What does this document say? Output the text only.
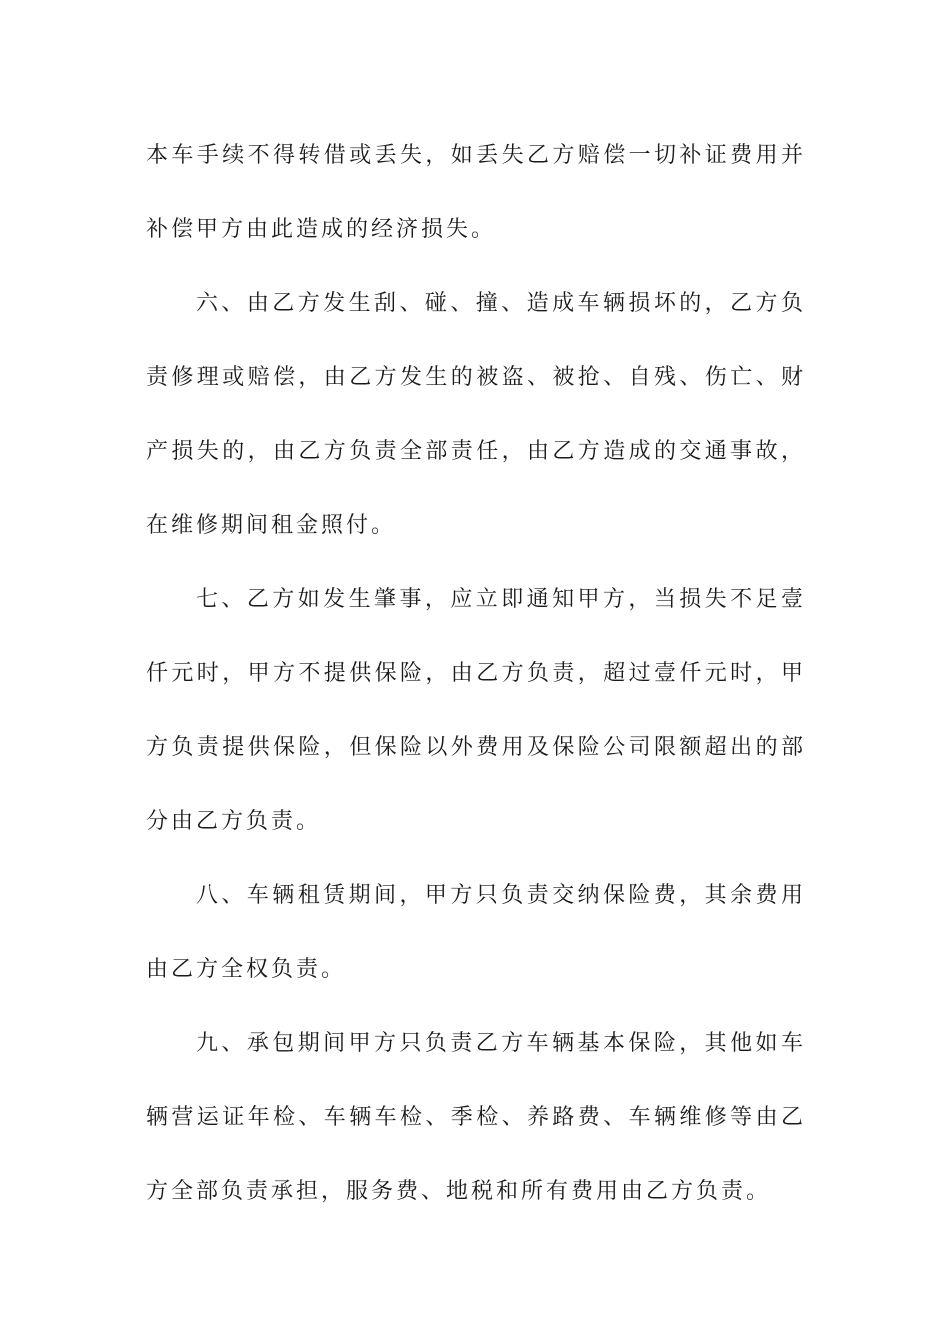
本车手续不得转借或丢失，如丢失乙方赔偿一切补证费用并补偿甲方由此造成的经济损失。

六、由乙方发生刮、碰、撞、造成车辆损坏的，乙方负责修理或赔偿，由乙方发生的被盗、被抢、自残、伤亡、财产损失的，由乙方负责全部责任，由乙方造成的交通事故，在维修期间租金照付。

七、乙方如发生肇事，应立即通知甲方，当损失不足壹仟元时，甲方不提供保险，由乙方负责，超过壹仟元时，甲方负责提供保险，但保险以外费用及保险公司限额超出的部分由乙方负责。

八、车辆租赁期间，甲方只负责交纳保险费，其余费用由乙方全权负责。

九、承包期间甲方只负责乙方车辆基本保险，其他如车辆营运证年检、车辆车检、季检、养路费、车辆维修等由乙方全部负责承担，服务费、地税和所有费用由乙方负责。
